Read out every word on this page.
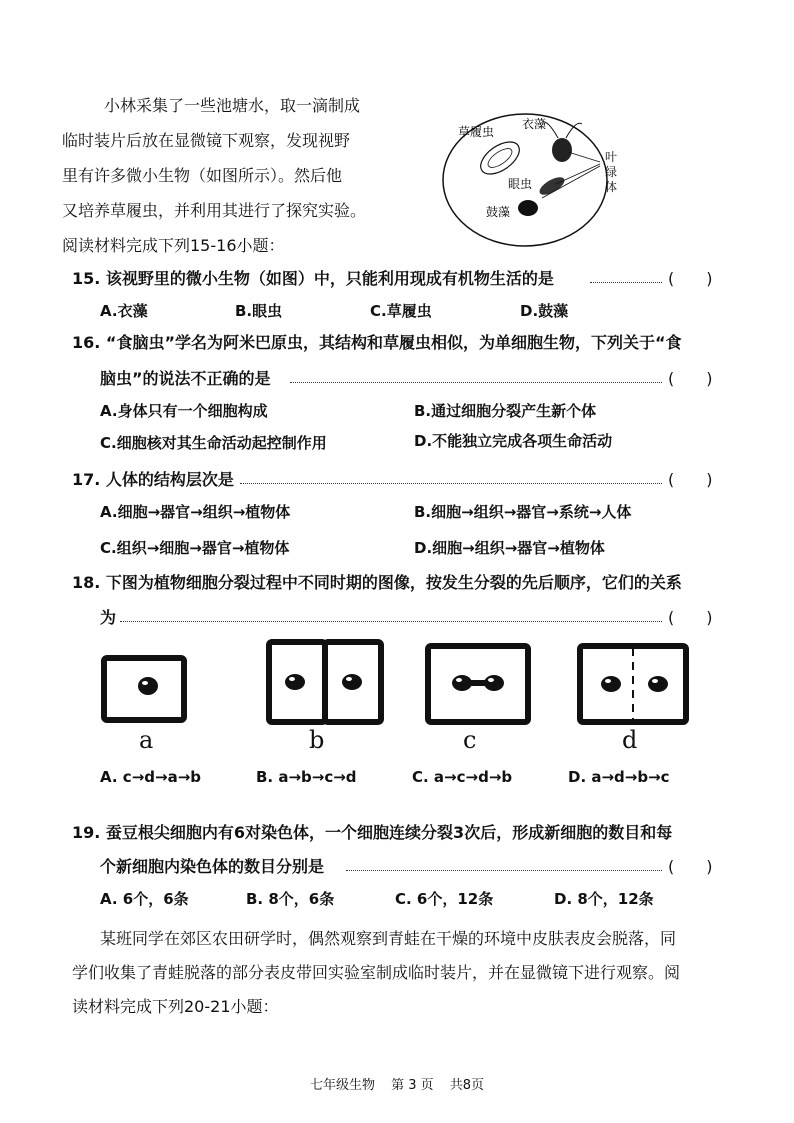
小林采集了一些池塘水，取一滴制成

临时装片后放在显微镜下观察，发现视野

里有许多微小生物（如图所示）。然后他

又培养草履虫，并利用其进行了探究实验。

阅读材料完成下列15-16小题：

草履虫
衣藻
眼虫
鼓藻
叶绿体
15. 该视野里的微小生物（如图）中，只能利用现成有机物生活的是	(　　)
A.衣藻	B.眼虫	C.草履虫	D.鼓藻
16. “食脑虫”学名为阿米巴原虫，其结构和草履虫相似，为单细胞生物，下列关于“食
脑虫”的说法不正确的是	(　　)
A.身体只有一个细胞构成	B.通过细胞分裂产生新个体
C.细胞核对其生命活动起控制作用	D.不能独立完成各项生命活动
17. 人体的结构层次是	(　　)
A.细胞→器官→组织→植物体	B.细胞→组织→器官→系统→人体
C.组织→细胞→器官→植物体	D.细胞→组织→器官→植物体
18. 下图为植物细胞分裂过程中不同时期的图像，按发生分裂的先后顺序，它们的关系
为	(　　)
a	b	c	d
A. c→d→a→b	B. a→b→c→d	C. a→c→d→b	D. a→d→b→c
19. 蚕豆根尖细胞内有6对染色体，一个细胞连续分裂3次后，形成新细胞的数目和每
个新细胞内染色体的数目分别是	(　　)
A. 6个，6条	B. 8个，6条	C. 6个，12条	D. 8个，12条
某班同学在郊区农田研学时，偶然观察到青蛙在干燥的环境中皮肤表皮会脱落，同
学们收集了青蛙脱落的部分表皮带回实验室制成临时装片，并在显微镜下进行观察。阅
读材料完成下列20-21小题：
七年级生物 第 3 页 共8页
